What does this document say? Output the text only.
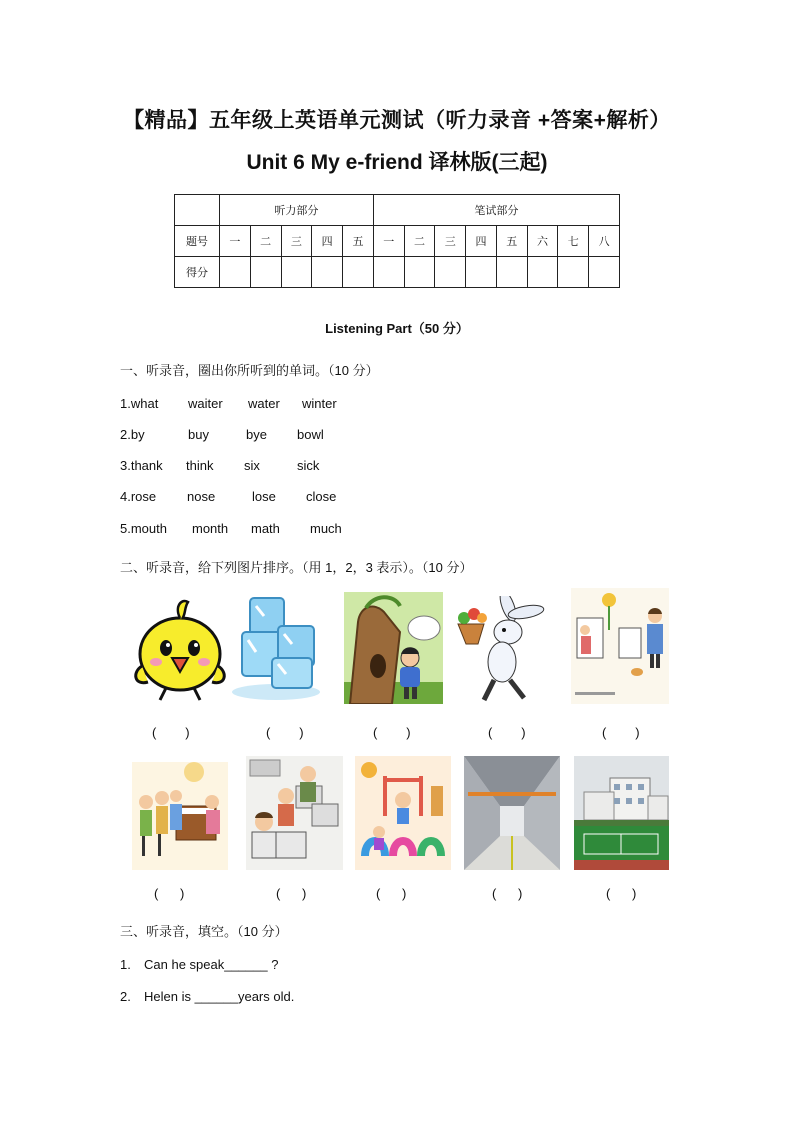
【精品】五年级上英语单元测试（听力录音 +答案+解析）
Unit 6 My e-friend 译林版(三起)
	听力部分					笔试部分							
题号	一	二	三	四	五	一	二	三	四	五	六	七	八
得分													
Listening Part（50 分）
一、听录音，圈出你所听到的单词。（10 分）
1.what waiter water winter
2.by	buy	bye bowl
3.thank think six	sick
4.rose nose	lose close
5.mouth month math much
二、听录音，给下列图片排序。（用 1，2，3 表示）。（10 分）
(        )	(        )	(        )	(        )	(        )
(      )	(      )	(      )	(      )	(      )
三、听录音，填空。（10 分）
1. Can he speak______ ?
2. Helen is ______years old.
